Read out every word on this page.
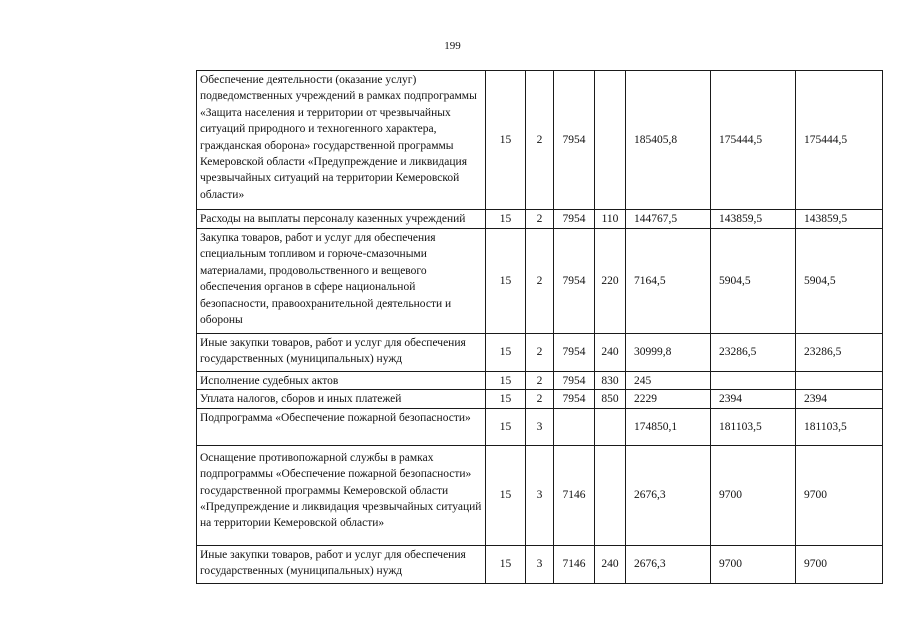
199
Обеспечение деятельности (оказание услуг) подведомственных учреждений в рамках подпрограммы «Защита населения и территории от чрезвычайных ситуаций природного и техногенного характера, гражданская оборона» государственной программы Кемеровской области «Предупреждение и ликвидация чрезвычайных ситуаций на территории Кемеровской области»	15	2	7954		185405,8	175444,5	175444,5
Расходы на выплаты персоналу казенных учреждений	15	2	7954	110	144767,5	143859,5	143859,5
Закупка товаров, работ и услуг для обеспечения специальным топливом и горюче-смазочными материалами, продовольственного и вещевого обеспечения органов в сфере национальной безопасности, правоохранительной деятельности и обороны	15	2	7954	220	7164,5	5904,5	5904,5
Иные закупки товаров, работ и услуг для обеспечения государственных (муниципальных) нужд	15	2	7954	240	30999,8	23286,5	23286,5
Исполнение судебных актов	15	2	7954	830	245		
Уплата налогов, сборов и иных платежей	15	2	7954	850	2229	2394	2394
Подпрограмма «Обеспечение пожарной безопасности»	15	3			174850,1	181103,5	181103,5
Оснащение противопожарной службы в рамках подпрограммы «Обеспечение пожарной безопасности» государственной программы Кемеровской области «Предупреждение и ликвидация чрезвычайных ситуаций на территории Кемеровской области»	15	3	7146		2676,3	9700	9700
Иные закупки товаров, работ и услуг для обеспечения государственных (муниципальных) нужд	15	3	7146	240	2676,3	9700	9700
